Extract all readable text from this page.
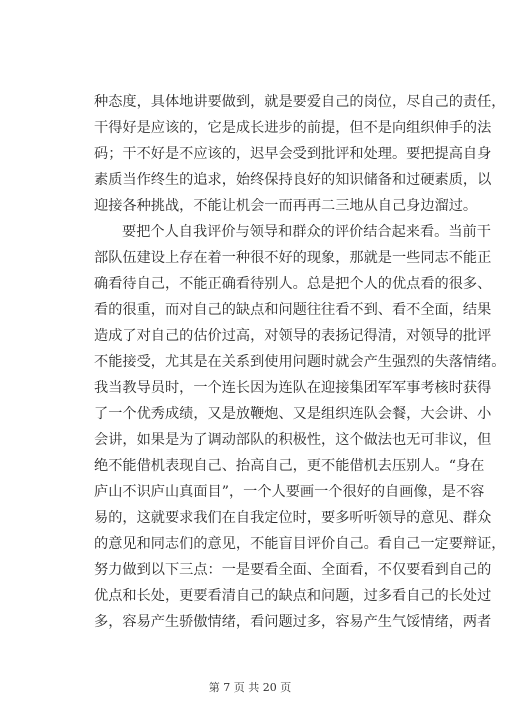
种态度，具体地讲要做到，就是要爱自己的岗位，尽自己的责任，
干得好是应该的，它是成长进步的前提，但不是向组织伸手的法
码；干不好是不应该的，迟早会受到批评和处理。要把提高自身
素质当作终生的追求，始终保持良好的知识储备和过硬素质，以
迎接各种挑战，不能让机会一而再再二三地从自己身边溜过。
要把个人自我评价与领导和群众的评价结合起来看。当前干
部队伍建设上存在着一种很不好的现象，那就是一些同志不能正
确看待自己，不能正确看待别人。总是把个人的优点看的很多、
看的很重，而对自己的缺点和问题往往看不到、看不全面，结果
造成了对自己的估价过高，对领导的表扬记得清，对领导的批评
不能接受，尤其是在关系到使用问题时就会产生强烈的失落情绪。
我当教导员时，一个连长因为连队在迎接集团军军事考核时获得
了一个优秀成绩，又是放鞭炮、又是组织连队会餐，大会讲、小
会讲，如果是为了调动部队的积极性，这个做法也无可非议，但
绝不能借机表现自己、抬高自己，更不能借机去压别人。“身在
庐山不识庐山真面目”，一个人要画一个很好的自画像，是不容
易的，这就要求我们在自我定位时，要多听听领导的意见、群众
的意见和同志们的意见，不能盲目评价自己。看自己一定要辩证，
努力做到以下三点：一是要看全面、全面看，不仅要看到自己的
优点和长处，更要看清自己的缺点和问题，过多看自己的长处过
多，容易产生骄傲情绪，看问题过多，容易产生气馁情绪，两者
第 7 页 共 20 页
